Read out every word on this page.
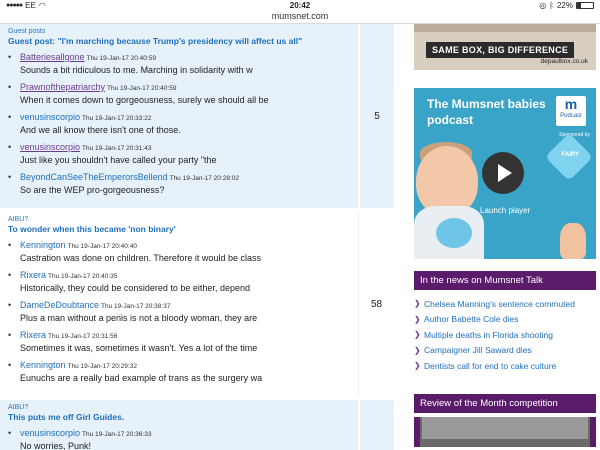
●●●●● EE ◠	20:42	◎ ᛒ 22%
mumsnet.com
Guest posts
Guest post: "I'm marching because Trump's presidency will affect us all"
• Batteriesallgone Thu 19-Jan-17 20:40:59
Sounds a bit ridiculous to me. Marching in solidarity with w
• Prawnofthepatriarchy Thu 19-Jan-17 20:40:59
When it comes down to gorgeousness, surely we should all be
• venusinscorpio Thu 19-Jan-17 20:33:22
And we all know there isn't one of those.
• venusinscorpio Thu 19-Jan-17 20:31:43
Just like you shouldn't have called your party "the
• BeyondCanSeeTheEmperorsBellend Thu 19-Jan-17 20:28:02
So are the WEP pro-gorgeousness?
5
AIBU?
To wonder when this became 'non binary'
• Kennington Thu 19-Jan-17 20:40:40
Castration was done on children. Therefore it would be class
• Rixera Thu 19-Jan-17 20:40:35
Historically, they could be considered to be either, depend
• DameDeDoubtance Thu 19-Jan-17 20:38:37
Plus a man without a penis is not a bloody woman, they are
• Rixera Thu 19-Jan-17 20:31:56
Sometimes it was, sometimes it wasn't. Yes a lot of the time
• Kennington Thu 19-Jan-17 20:29:32
Eunuchs are a really bad example of trans as the surgery wa
58
AIBU?
This puts me off Girl Guides.
• venusinscorpio Thu 19-Jan-17 20:36:33
No worries, Punk!
SAME BOX, BIG DIFFERENCE
depaulbox.co.uk
The Mumsnet babies podcast
m
Podcast
Sponsored by
FAIRY
Launch player
In the news on Mumsnet Talk
❯ Chelsea Manning's sentence commuted
❯ Author Babette Cole dies
❯ Multiple deaths in Florida shooting
❯ Campaigner Jill Saward dies
❯ Dentists call for end to cake culture
Review of the Month competition
